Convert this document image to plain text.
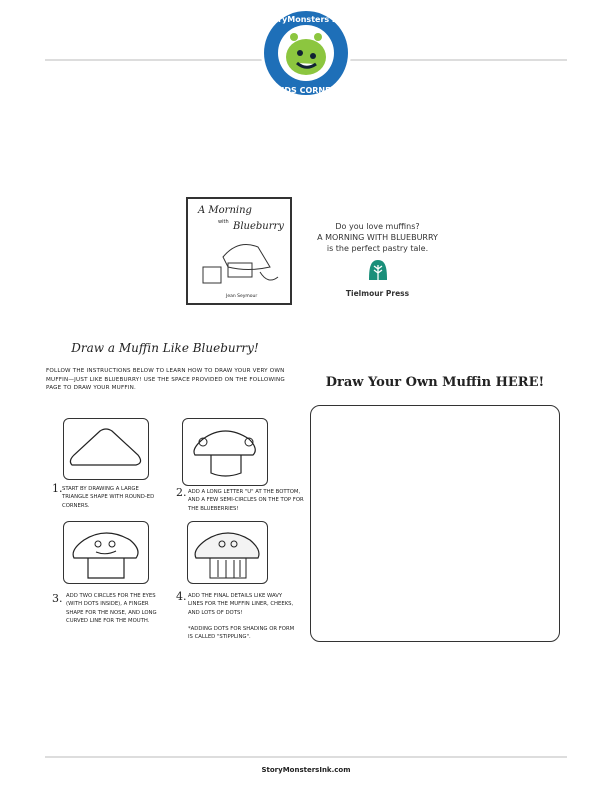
StoryMonsters Ink.
KIDS CORNER
A Morning
with Blueburry
Jean Seymour
Do you love muffins?
A MORNING WITH BLUEBURRY
is the perfect pastry tale.
Tielmour Press
Draw a Muffin Like Blueburry!
FOLLOW THE INSTRUCTIONS BELOW TO LEARN HOW TO DRAW YOUR VERY OWN MUFFIN—JUST LIKE BLUEBURRY! USE THE SPACE PROVIDED ON THE FOLLOWING PAGE TO DRAW YOUR MUFFIN.
1. START BY DRAWING A LARGE TRIANGLE SHAPE WITH ROUND-ED CORNERS.
2. ADD A LONG LETTER "U" AT THE BOTTOM, AND A FEW SEMI-CIRCLES ON THE TOP FOR THE BLUEBERRIES!
3. ADD TWO CIRCLES FOR THE EYES (WITH DOTS INSIDE), A FINGER SHAPE FOR THE NOSE, AND LONG CURVED LINE FOR THE MOUTH.
4. ADD THE FINAL DETAILS LIKE WAVY LINES FOR THE MUFFIN LINER, CHEEKS, AND LOTS OF DOTS!
*ADDING DOTS FOR SHADING OR FORM IS CALLED "STIPPLING".
Draw Your Own Muffin HERE!
StoryMonstersInk.com
